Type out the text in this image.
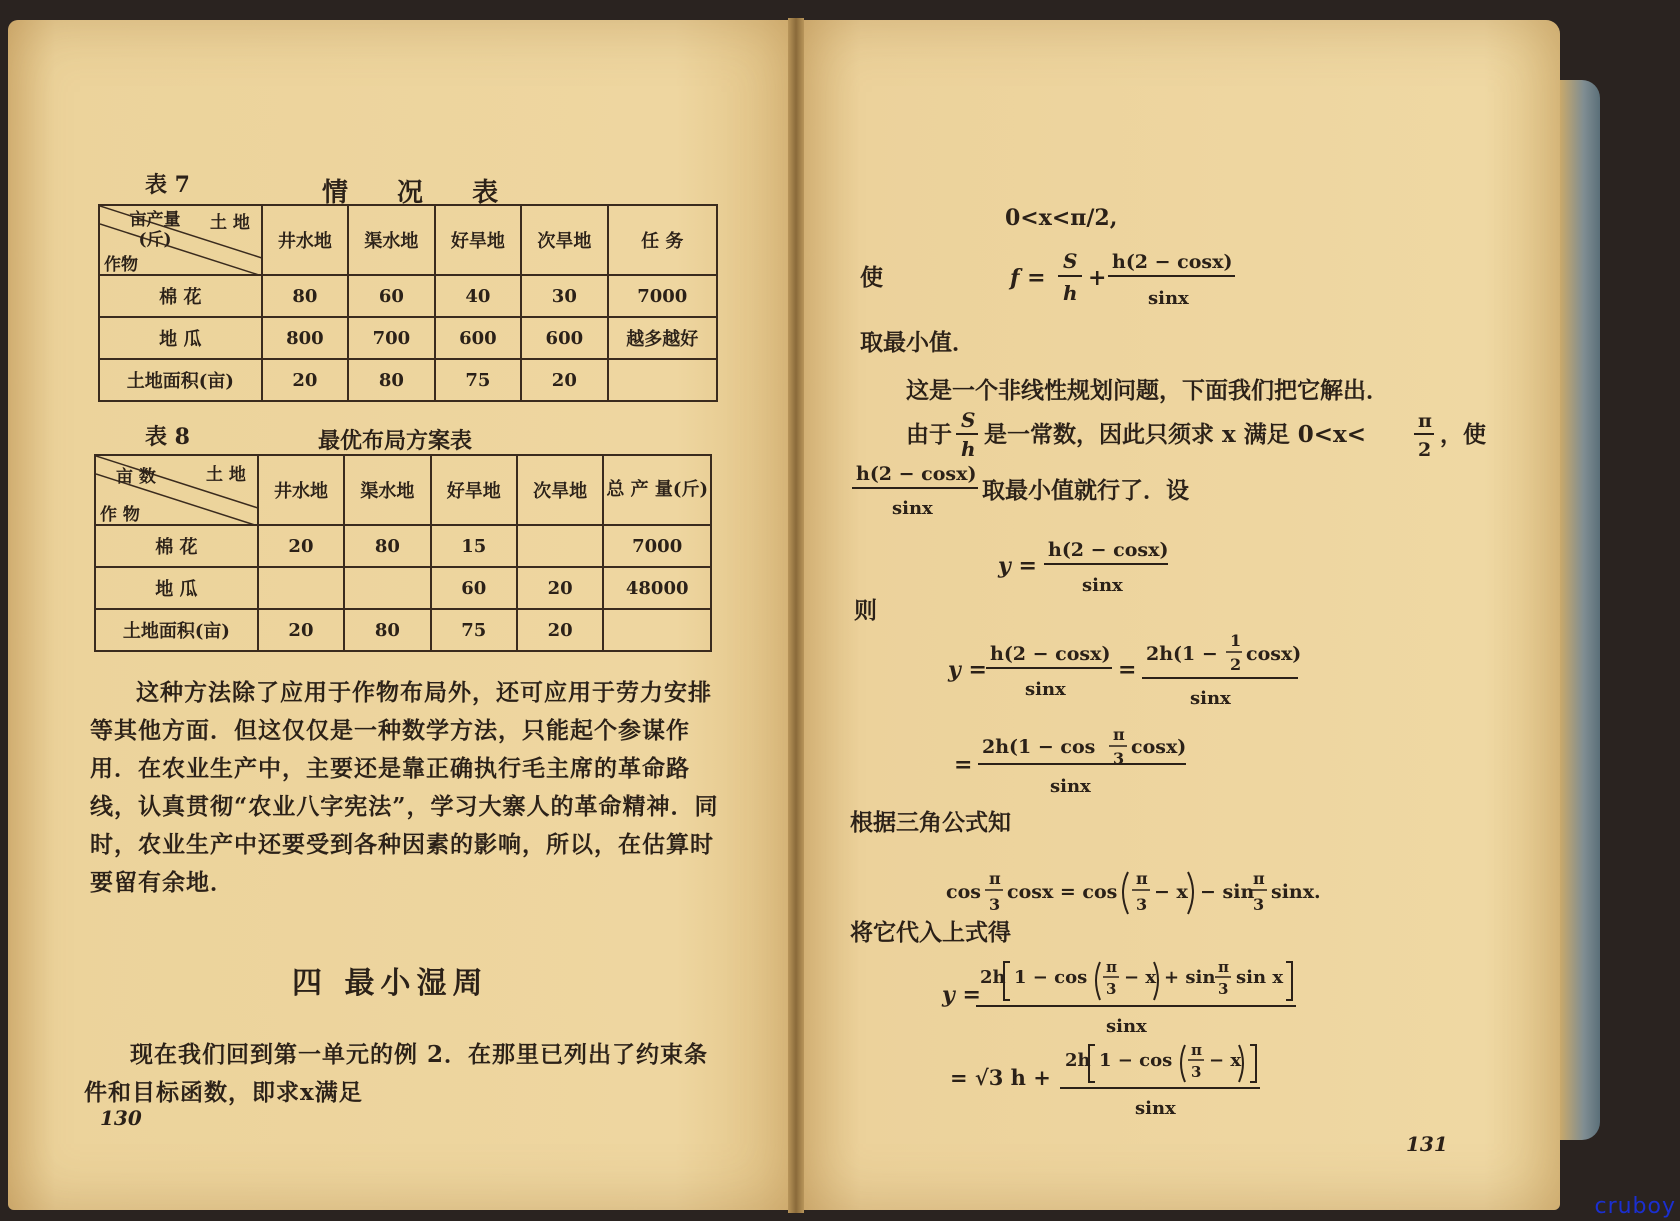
表 7	情 况 表
土 地
亩产量(斤)
作物	井水地	渠水地	好旱地	次旱地	任 务
棉 花	80	60	40	30	7000
地 瓜	800	700	600	600	越多越好
土地面积(亩)	20	80	75	20	
表 8	最优布局方案表
土 地
亩 数
作 物	井水地	渠水地	好旱地	次旱地	总 产 量(斤)
棉 花	20	80	15		7000
地 瓜			60	20	48000
土地面积(亩)	20	80	75	20	
这种方法除了应用于作物布局外，还可应用于劳力安排
等其他方面．但这仅仅是一种数学方法，只能起个参谋作
用．在农业生产中，主要还是靠正确执行毛主席的革命路
线，认真贯彻“农业八字宪法”，学习大寨人的革命精神．同
时，农业生产中还要受到各种因素的影响，所以，在估算时
要留有余地．
四 最小湿周
现在我们回到第一单元的例 2．在那里已列出了约束条
件和目标函数，即求x满足
130
0<x<π/2,
使	f =
S
h
+
h(2 − cosx)
sinx
取最小值．
这是一个非线性规划问题，下面我们把它解出．
由于
S
h
是一常数，因此只须求 x 满足 0<x<	π
2
，使
h(2 − cosx)
sinx
取最小值就行了．设
y =
h(2 − cosx)
sinx
则
y =
h(2 − cosx)
sinx
=
2h(1 −
1
2 cosx)
sinx
=
2h(1 − cos
π
3
cosx)
sinx
根据三角公式知
cos
π
3
cosx = cos
π
3
− x − sin
π
3
sinx.
将它代入上式得
y =
2h 1 − cos π
3
− x + sin π
3
sin x
sinx
= √3 h +
2h 1 − cos π
3
− x
sinx
131
cruboy
